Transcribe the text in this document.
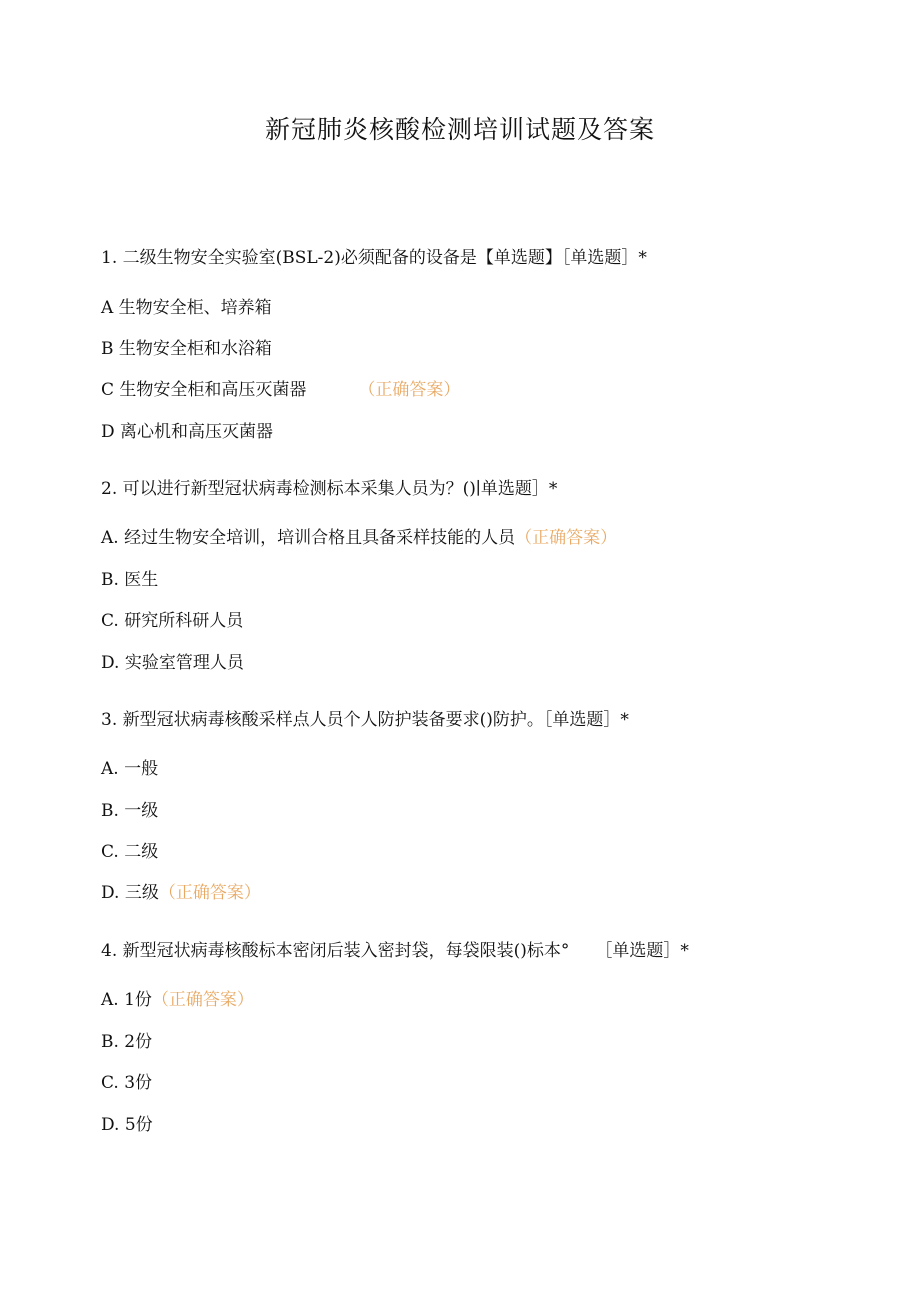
新冠肺炎核酸检测培训试题及答案
1. 二级生物安全实验室(BSL-2)必须配备的设备是【单选题】［单选题］*
A 生物安全柜、培养箱
B 生物安全柜和水浴箱
C 生物安全柜和高压灭菌器	（正确答案）
D 离心机和高压灭菌器
2. 可以进行新型冠状病毒检测标本采集人员为？()∣单选题］*
A. 经过生物安全培训，培训合格且具备采样技能的人员（正确答案）
B. 医生
C. 研究所科研人员
D. 实验室管理人员
3. 新型冠状病毒核酸采样点人员个人防护装备要求()防护。［单选题］*
A. 一般
B. 一级
C. 二级
D. 三级（正确答案）
4. 新型冠状病毒核酸标本密闭后装入密封袋，每袋限装()标本° ［单选题］*
A. 1份（正确答案）
B. 2份
C. 3份
D. 5份
